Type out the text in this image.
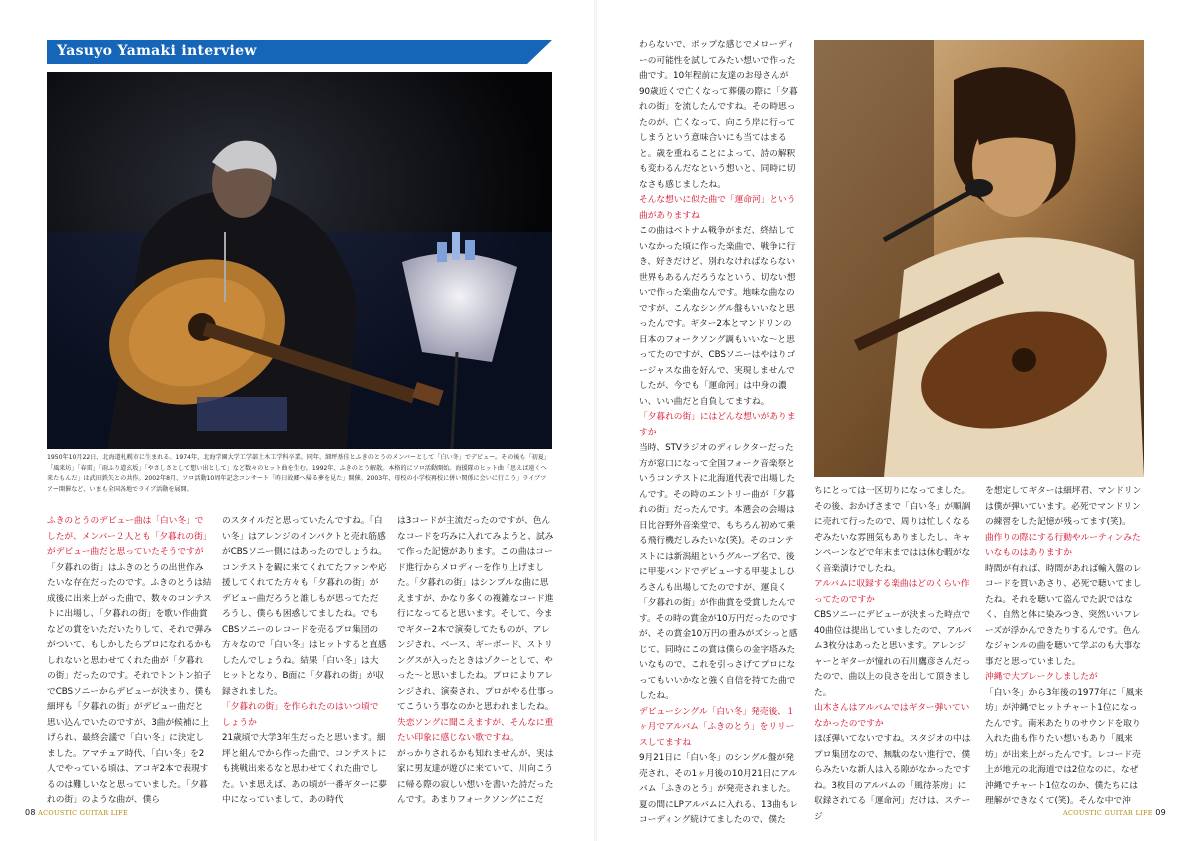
Yasuyo Yamaki interview

1950年10月22日、北海道札幌市に生まれる。1974年、北海学園大学工学部土木工学科卒業。同年、細坪基佳とふきのとうのメンバーとして「白い冬」でデビュー。その後も「初夏」「風来坊」「春雷」「雨ふり道玄坂」「やさしさとして想い出として」など数々のヒット曲を生む。1992年、ふきのとう解散。本格的にソロ活動開始。海援隊のヒット曲「思えば遠くへ来たもんだ」は武田鉄矢との共作。2002年8月、ソロ活動10周年記念コンサート「昨日故郷へ帰る夢を見た」開催。2003年、母校の小学校再校に併い関係に会いに行こう」ライブツアー開催など、いまも全国各地でライブ活動を展開。

ふきのとうのデビュー曲は「白い冬」でしたが、メンバー２人とも「夕暮れの街」がデビュー曲だと思っていたそうですが

「夕暮れの街」はふきのとうの出世作みたいな存在だったのです。ふきのとうは結成後に出来上がった曲で、数々のコンテストに出場し、「夕暮れの街」を歌い作曲賞などの賞をいただいたりして、それで弾みがついて、もしかしたらプロになれるかもしれないと思わせてくれた曲が「夕暮れの街」だったのです。それでトントン拍子でCBSソニーからデビューが決まり、僕も細坪も「夕暮れの街」がデビュー曲だと思い込んでいたのですが、3曲が候補に上げられ、最終会議で「白い冬」に決定しました。アマチュア時代、「白い冬」を2人でやっている頃は、アコギ2本で表現するのは難しいなと思っていました。「夕暮れの街」のような曲が、僕ら

のスタイルだと思っていたんですね。「白い冬」はアレンジのインパクトと売れ筋感がCBSソニー側にはあったのでしょうね。コンテストを観に来てくれてたファンや応援してくれてた方々も「夕暮れの街」がデビュー曲だろうと誰しもが思ってただろうし、僕らも困惑してましたね。でもCBSソニーのレコードを売るプロ集団の方々なので「白い冬」はヒットすると直感したんでしょうね。結果「白い冬」は大ヒットとなり、B面に「夕暮れの街」が収録されました。

「夕暮れの街」を作られたのはいつ頃でしょうか

21歳頃で大学3年生だったと思います。細坪と組んでから作った曲で、コンテストにも挑戦出来るなと思わせてくれた曲でした。いま思えば、あの頃が一番ギターに夢中になっていまして、あの時代

は3コードが主流だったのですが、色んなコードを巧みに入れてみようと、試みて作った記憶があります。この曲はコード進行からメロディーを作り上げました。「夕暮れの街」はシンプルな曲に思えますが、かなり多くの複雑なコード進行になってると思います。そして、今までギター2本で演奏してたものが、アレンジされ、ベース、ギーボード、ストリングスが入ったときはゾクーとして、やった～と思いましたね。プロによりアレンジされ、演奏され、プロがやる仕事ってこういう事なのかと思われましたね。

失恋ソングに聞こえますが、そんなに重たい印象に感じない歌ですね。

がっかりされるかも知れませんが、実は家に男友達が遊びに来ていて、川向こうに帰る際の寂しい想いを書いた詩だったんです。あまりフォークソングにこだ

わらないで、ポップな感じでメローディーの可能性を試してみたい想いで作った曲です。10年程前に友達のお母さんが90歳近くで亡くなって葬儀の際に「夕暮れの街」を流したんですね。その時思ったのが、亡くなって、向こう岸に行ってしまうという意味合いにも当てはまると。歳を重ねることによって、詩の解釈も変わるんだなという想いと、同時に切なさも感じましたね。

そんな想いに似た曲で「運命河」という曲がありますね

この曲はベトナム戦争がまだ、終結していなかった頃に作った楽曲で、戦争に行き、好きだけど、別れなければならない世界もあるんだろうなという、切ない想いで作った楽曲なんです。地味な曲なのですが、こんなシングル盤もいいなと思ったんです。ギター2本とマンドリンの日本のフォークソング調もいいな～と思ってたのですが、CBSソニーはやはりゴージャスな曲を好んで、実現しませんでしたが、今でも「運命河」は中身の濃い、いい曲だと自負してますね。

「夕暮れの街」にはどんな想いがありますか

当時、STVラジオのディレクターだった方が窓口になって全国フォーク音楽祭というコンテストに北海道代表で出場したんです。その時のエントリー曲が「夕暮れの街」だったんです。本選会の会場は日比谷野外音楽堂で、もちろん初めて乗る飛行機だしみたいな(笑)。そのコンテストには新潟組というグループ名で、後に甲斐バンドでデビューする甲斐よしひろさんも出場してたのですが、運良く「夕暮れの街」が作曲賞を受賞したんです。その時の賞金が10万円だったのですが、その賞金10万円の重みがズシっと感じて、同時にこの賞は僕らの金字塔みたいなもので、これを引っさげてプロになってもいいかなと強く自信を持てた曲でしたね。

デビューシングル「白い冬」発売後、１ヶ月でアルバム「ふきのとう」をリリースしてますね

9月21日に「白い冬」のシングル盤が発売され、その1ヶ月後の10月21日にアルバム「ふきのとう」が発売されました。夏の間にLPアルバムに入れる、13曲もレコーディング続けてましたので、僕た

ちにとっては一区切りになってました。その後、おかげさまで「白い冬」が順調に売れて行ったので、周りは忙しくなるぞみたいな雰囲気もありましたし、キャンペーンなどで年末まではは休む暇がなく音楽漬けでしたね。

アルバムに収録する楽曲はどのくらい作ってたのですか

CBSソニーにデビューが決まった時点で40曲位は提出していましたので、アルバム3枚分はあったと思います。アレンジャーとギターが憧れの石川鷹彦さんだったので、曲以上の良さを出して頂きました。

山木さんはアルバムではギター弾いていなかったのですか

ほぼ弾いてないですね。スタジオの中はプロ集団なので、無駄のない進行で、僕らみたいな新人は入る隙がなかったですね。3枚目のアルバムの「風待茶房」に収録されてる「運命河」だけは、ステージ

を想定してギターは細坪君、マンドリンは僕が弾いています。必死でマンドリンの練習をした記憶が残ってます(笑)。

曲作りの際にする行動やルーティンみたいなものはありますか

時間が有れば、時間があれば輸入盤のレコードを買いあさり、必死で聴いてましたね。それを聴いて盗んでた訳ではなく、自然と体に染みつき、突然いいフレーズが浮かんできたりするんです。色んなジャンルの曲を聴いて学ぶのも大事な事だと思っていました。

沖縄で大ブレークしましたが

「白い冬」から3年後の1977年に「風来坊」が沖縄でヒットチャート1位になったんです。南米あたりのサウンドを取り入れた曲も作りたい想いもあり「風来坊」が出来上がったんです。レコード売上が地元の北海道では2位なのに、なぜ沖縄でチャート1位なのか、僕たちには理解ができなくて(笑)。そんな中で沖

08 ACOUSTIC GUITAR LIFE	ACOUSTIC GUITAR LIFE 09
